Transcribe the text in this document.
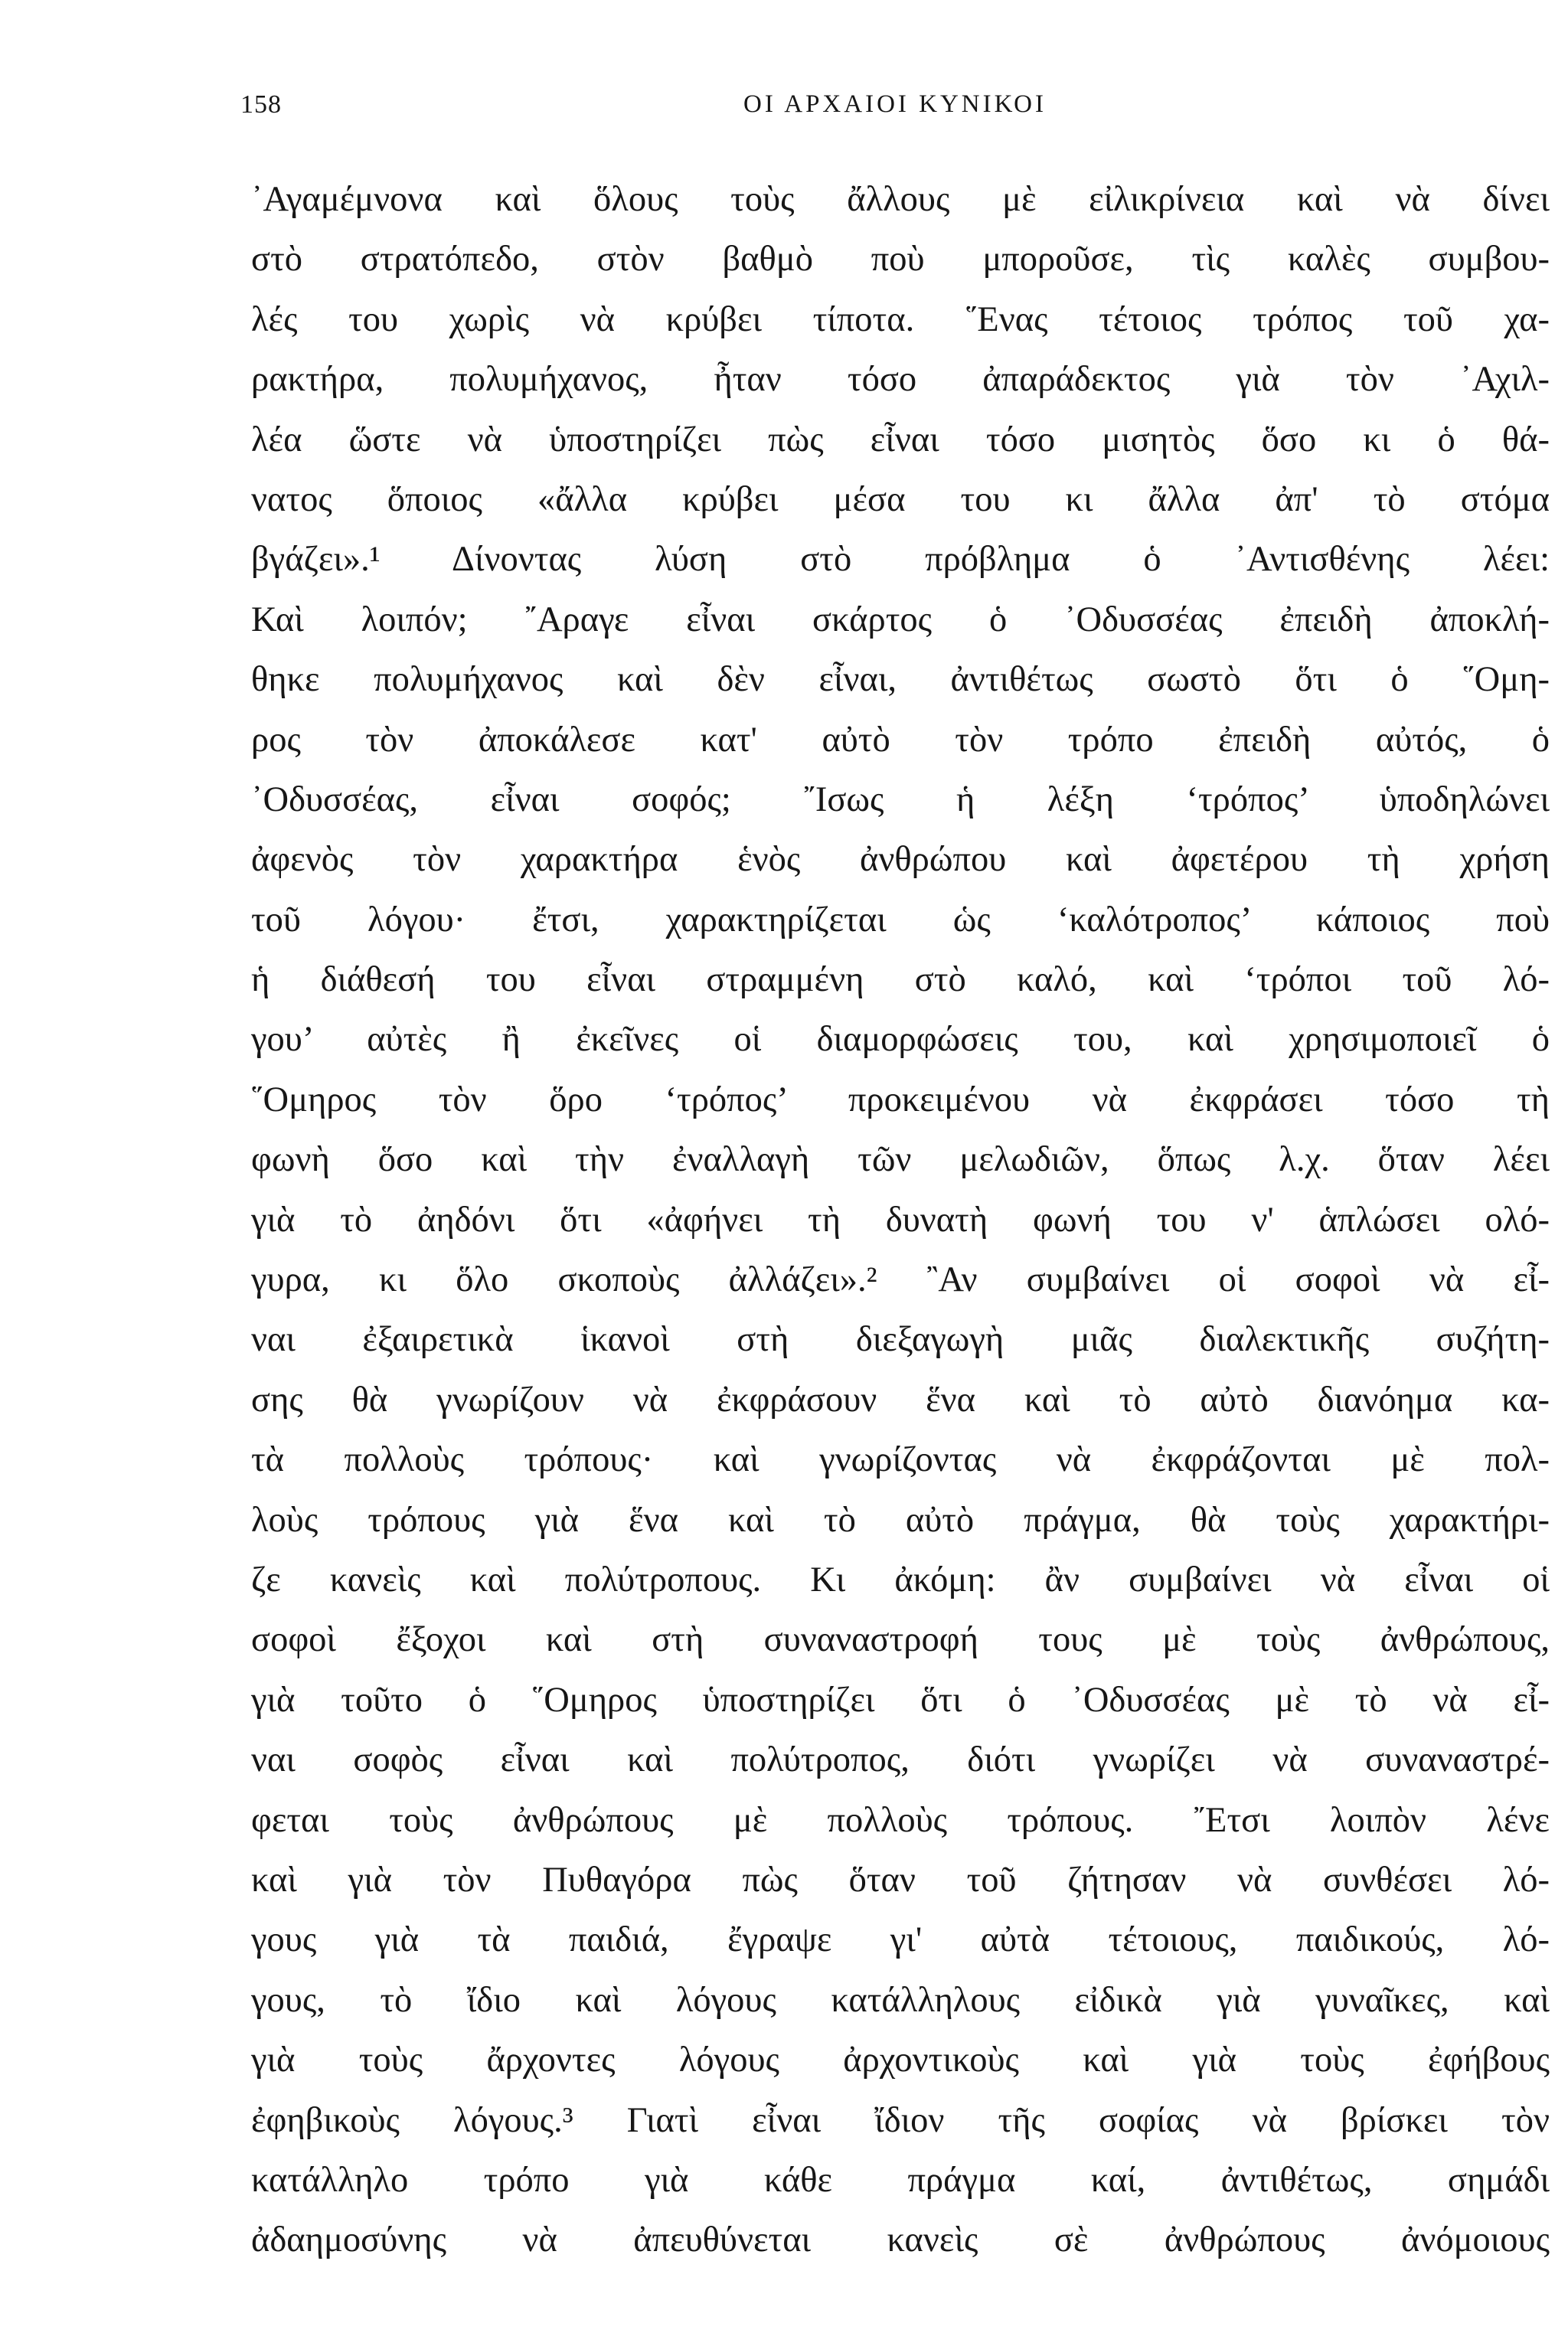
158	ΟΙ ΑΡΧΑΙΟΙ ΚΥΝΙΚΟΙ
᾿Αγαμέμνονα καὶ ὅλους τοὺς ἄλλους μὲ εἰλικρίνεια καὶ νὰ δίνει
στὸ στρατόπεδο, στὸν βαθμὸ ποὺ μποροῦσε, τὶς καλὲς συμβου-
λές του χωρὶς νὰ κρύβει τίποτα. ῞Ενας τέτοιος τρόπος τοῦ χα-
ρακτήρα, πολυμήχανος, ἦταν τόσο ἀπαράδεκτος γιὰ τὸν ᾿Αχιλ-
λέα ὥστε νὰ ὑποστηρίζει πὼς εἶναι τόσο μισητὸς ὅσο κι ὁ θά-
νατος ὅποιος «ἄλλα κρύβει μέσα του κι ἄλλα ἀπ' τὸ στόμα
βγάζει».¹ Δίνοντας λύση στὸ πρόβλημα ὁ ᾿Αντισθένης λέει:
Καὶ λοιπόν; ῎Αραγε εἶναι σκάρτος ὁ ᾿Οδυσσέας ἐπειδὴ ἀποκλή-
θηκε πολυμήχανος καὶ δὲν εἶναι, ἀντιθέτως σωστὸ ὅτι ὁ ῞Ομη-
ρος τὸν ἀποκάλεσε κατ' αὐτὸ τὸν τρόπο ἐπειδὴ αὐτός, ὁ
᾿Οδυσσέας, εἶναι σοφός; ῎Ισως ἡ λέξη ‘τρόπος’ ὑποδηλώνει
ἀφενὸς τὸν χαρακτήρα ἑνὸς ἀνθρώπου καὶ ἀφετέρου τὴ χρήση
τοῦ λόγου· ἔτσι, χαρακτηρίζεται ὡς ‘καλότροπος’ κάποιος ποὺ
ἡ διάθεσή του εἶναι στραμμένη στὸ καλό, καὶ ‘τρόποι τοῦ λό-
γου’ αὐτὲς ἢ ἐκεῖνες οἱ διαμορφώσεις του, καὶ χρησιμοποιεῖ ὁ
῞Ομηρος τὸν ὅρο ‘τρόπος’ προκειμένου νὰ ἐκφράσει τόσο τὴ
φωνὴ ὅσο καὶ τὴν ἐναλλαγὴ τῶν μελωδιῶν, ὅπως λ.χ. ὅταν λέει
γιὰ τὸ ἀηδόνι ὅτι «ἀφήνει τὴ δυνατὴ φωνή του ν' ἁπλώσει ολό-
γυρα, κι ὅλο σκοποὺς ἀλλάζει».² ῍Αν συμβαίνει οἱ σοφοὶ νὰ εἶ-
ναι ἐξαιρετικὰ ἱκανοὶ στὴ διεξαγωγὴ μιᾶς διαλεκτικῆς συζήτη-
σης θὰ γνωρίζουν νὰ ἐκφράσουν ἕνα καὶ τὸ αὐτὸ διανόημα κα-
τὰ πολλοὺς τρόπους· καὶ γνωρίζοντας νὰ ἐκφράζονται μὲ πολ-
λοὺς τρόπους γιὰ ἕνα καὶ τὸ αὐτὸ πράγμα, θὰ τοὺς χαρακτήρι-
ζε κανεὶς καὶ πολύτροπους. Κι ἀκόμη: ἂν συμβαίνει νὰ εἶναι οἱ
σοφοὶ ἔξοχοι καὶ στὴ συναναστροφή τους μὲ τοὺς ἀνθρώπους,
γιὰ τοῦτο ὁ ῞Ομηρος ὑποστηρίζει ὅτι ὁ ᾿Οδυσσέας μὲ τὸ νὰ εἶ-
ναι σοφὸς εἶναι καὶ πολύτροπος, διότι γνωρίζει νὰ συναναστρέ-
φεται τοὺς ἀνθρώπους μὲ πολλοὺς τρόπους. ῎Ετσι λοιπὸν λένε
καὶ γιὰ τὸν Πυθαγόρα πὼς ὅταν τοῦ ζήτησαν νὰ συνθέσει λό-
γους γιὰ τὰ παιδιά, ἔγραψε γι' αὐτὰ τέτοιους, παιδικούς, λό-
γους, τὸ ἴδιο καὶ λόγους κατάλληλους εἰδικὰ γιὰ γυναῖκες, καὶ
γιὰ τοὺς ἄρχοντες λόγους ἀρχοντικοὺς καὶ γιὰ τοὺς ἐφήβους
ἐφηβικοὺς λόγους.³ Γιατὶ εἶναι ἴδιον τῆς σοφίας νὰ βρίσκει τὸν
κατάλληλο τρόπο γιὰ κάθε πράγμα καί, ἀντιθέτως, σημάδι
ἀδαημοσύνης νὰ ἀπευθύνεται κανεὶς σὲ ἀνθρώπους ἀνόμοιους
